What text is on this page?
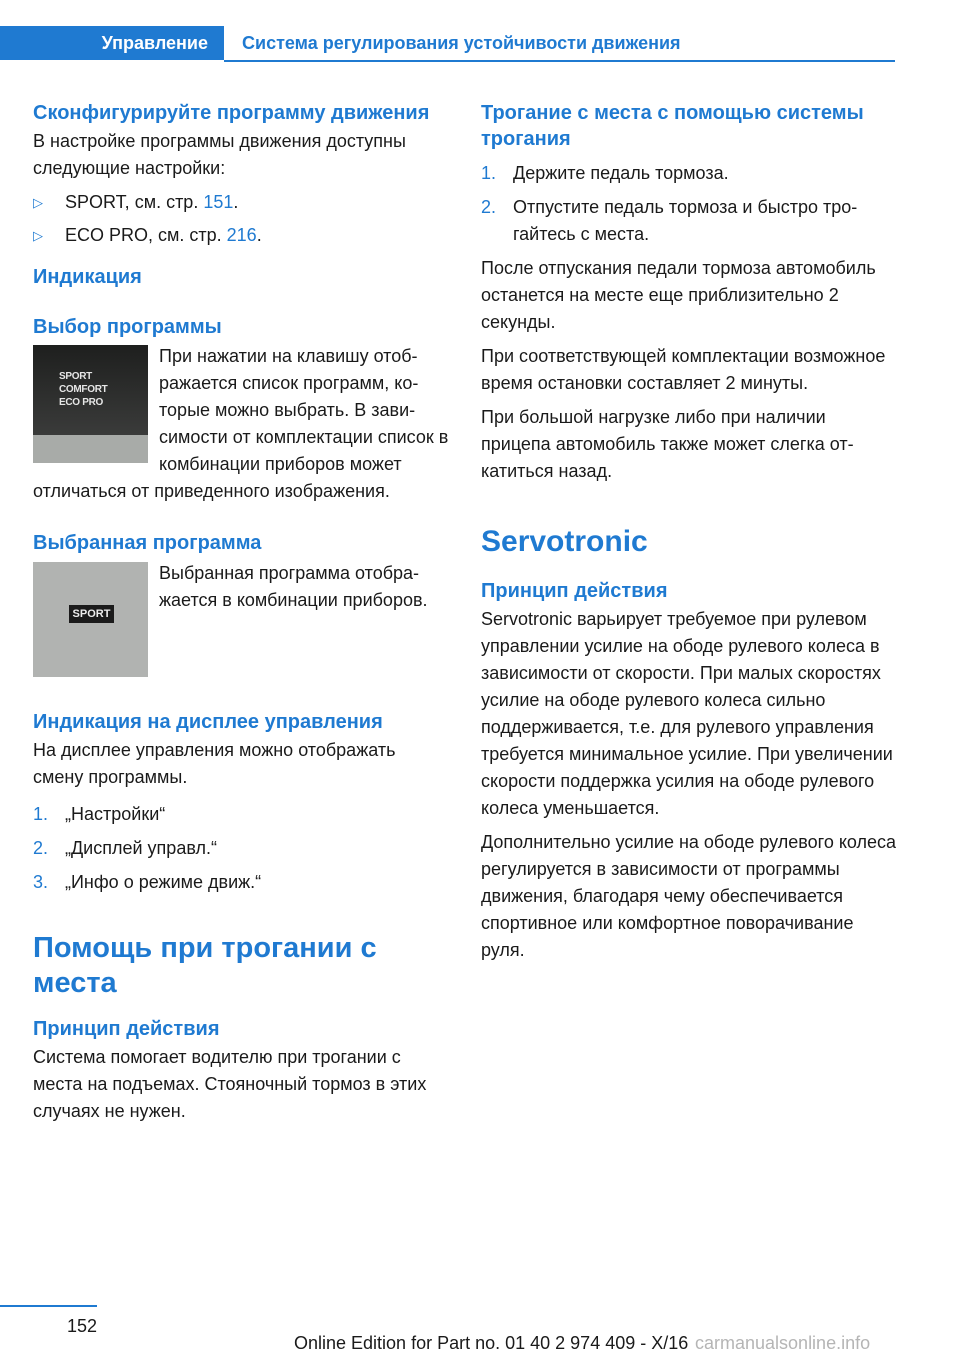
Управление	Система регулирования устойчивости движения
Сконфигурируйте программу движения

В настройке программы движения доступны следующие настройки:

▷ SPORT, см. стр. 151.
▷ ECO PRO, см. стр. 216.
Индикация
Выбор программы
SPORT
COMFORT
ECO PRO

При нажатии на клавишу отображается список программ, которые можно выбрать. В зависимости от комплектации список в комбинации приборов может отличаться от приведенного изображения.

Выбранная программа
SPORT

Выбранная программа отображается в комбинации приборов.

Индикация на дисплее управления

На дисплее управления можно отображать смену программы.

1. „Настройки“
2. „Дисплей управл.“
3. „Инфо о режиме движ.“
Помощь при трогании с места
Принцип действия

Система помогает водителю при трогании с места на подъемах. Стояночный тормоз в этих случаях не нужен.

Трогание с места с помощью системы трогания
1. Держите педаль тормоза.
2. Отпустите педаль тормоза и быстро трогайтесь с места.

После отпускания педали тормоза автомобиль останется на месте еще приблизительно 2 секунды.

При соответствующей комплектации возможное время остановки составляет 2 минуты.

При большой нагрузке либо при наличии прицепа автомобиль также может слегка откатиться назад.

Servotronic
Принцип действия

Servotronic варьирует требуемое при рулевом управлении усилие на ободе рулевого колеса в зависимости от скорости. При малых скоростях усилие на ободе рулевого колеса сильно поддерживается, т.е. для рулевого управления требуется минимальное усилие. При увеличении скорости поддержка усилия на ободе рулевого колеса уменьшается.

Дополнительно усилие на ободе рулевого колеса регулируется в зависимости от программы движения, благодаря чему обеспечивается спортивное или комфортное поворачивание руля.

152
Online Edition for Part no. 01 40 2 974 409 - X/16 carmanualsonline.info
